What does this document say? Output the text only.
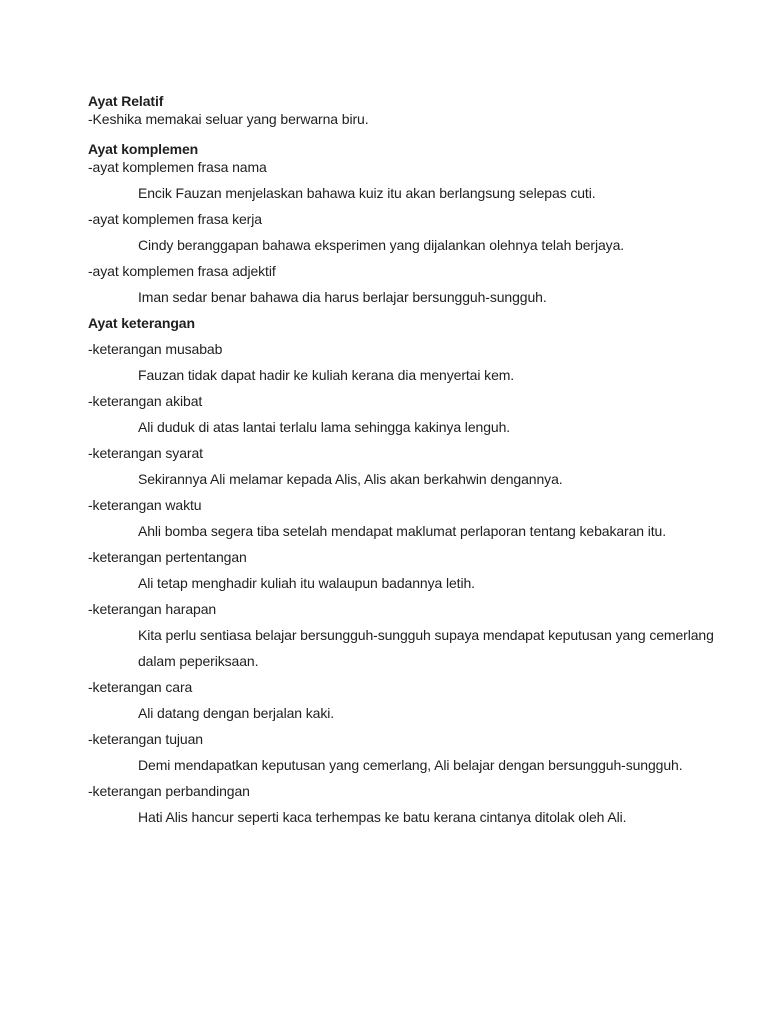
Ayat Relatif
-Keshika memakai seluar yang berwarna biru.
Ayat komplemen
-ayat komplemen frasa nama
Encik Fauzan menjelaskan bahawa kuiz itu akan berlangsung selepas cuti.
-ayat komplemen frasa kerja
Cindy beranggapan bahawa eksperimen yang dijalankan olehnya telah berjaya.
-ayat komplemen frasa adjektif
Iman sedar benar bahawa dia harus berlajar bersungguh-sungguh.
Ayat keterangan
-keterangan musabab
Fauzan tidak dapat hadir ke kuliah kerana dia menyertai kem.
-keterangan akibat
Ali duduk di atas lantai terlalu lama sehingga kakinya lenguh.
-keterangan syarat
Sekirannya Ali melamar kepada Alis, Alis akan berkahwin dengannya.
-keterangan waktu
Ahli bomba segera tiba setelah mendapat maklumat perlaporan tentang kebakaran itu.
-keterangan pertentangan
Ali tetap menghadir kuliah itu walaupun badannya letih.
-keterangan harapan
Kita perlu sentiasa belajar bersungguh-sungguh supaya mendapat keputusan yang cemerlang
dalam peperiksaan.
-keterangan cara
Ali datang dengan berjalan kaki.
-keterangan tujuan
Demi mendapatkan keputusan yang cemerlang, Ali belajar dengan bersungguh-sungguh.
-keterangan perbandingan
Hati Alis hancur seperti kaca terhempas ke batu kerana cintanya ditolak oleh Ali.
